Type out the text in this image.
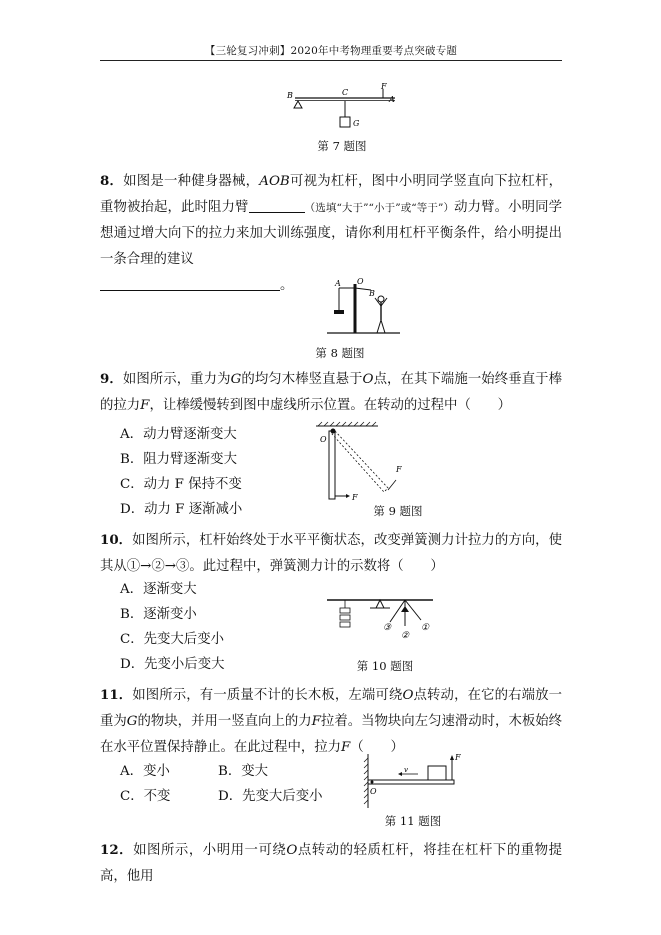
【三轮复习冲刺】2020年中考物理重要考点突破专题
B	C
F
A
G
第 7 题图
8．如图是一种健身器械，AOB可视为杠杆，图中小明同学竖直向下拉杠杆，重物被抬起，此时阻力臂	（选填“大于”“小于”或“等于”）动力臂。小明同学想通过增大向下的拉力来加大训练强度，请你利用杠杆平衡条件，给小明提出一条合理的建议
。	A O
B
第 8 题图
9．如图所示，重力为G的均匀木棒竖直悬于O点，在其下端施一始终垂直于棒的拉力F，让棒缓慢转到图中虚线所示位置。在转动的过程中（　　）
A．动力臂逐渐变大
B．阻力臂逐渐变大
C．动力 F 保持不变
D．动力 F 逐渐减小
O
F
F
第 9 题图
10．如图所示，杠杆始终处于水平平衡状态，改变弹簧测力计拉力的方向，使其从①→②→③。此过程中，弹簧测力计的示数将（　　）
A．逐渐变大
B．逐渐变小
C．先变大后变小
D．先变小后变大
①
②
③
第 10 题图
11．如图所示，有一质量不计的长木板，左端可绕O点转动，在它的右端放一重为G的物块，并用一竖直向上的力F拉着。当物块向左匀速滑动时，木板始终在水平位置保持静止。在此过程中，拉力F（　　）
A．变小	B．变大
C．不变	D．先变大后变小
F
v
O
第 11 题图
12．如图所示，小明用一可绕O点转动的轻质杠杆，将挂在杠杆下的重物提高，他用
